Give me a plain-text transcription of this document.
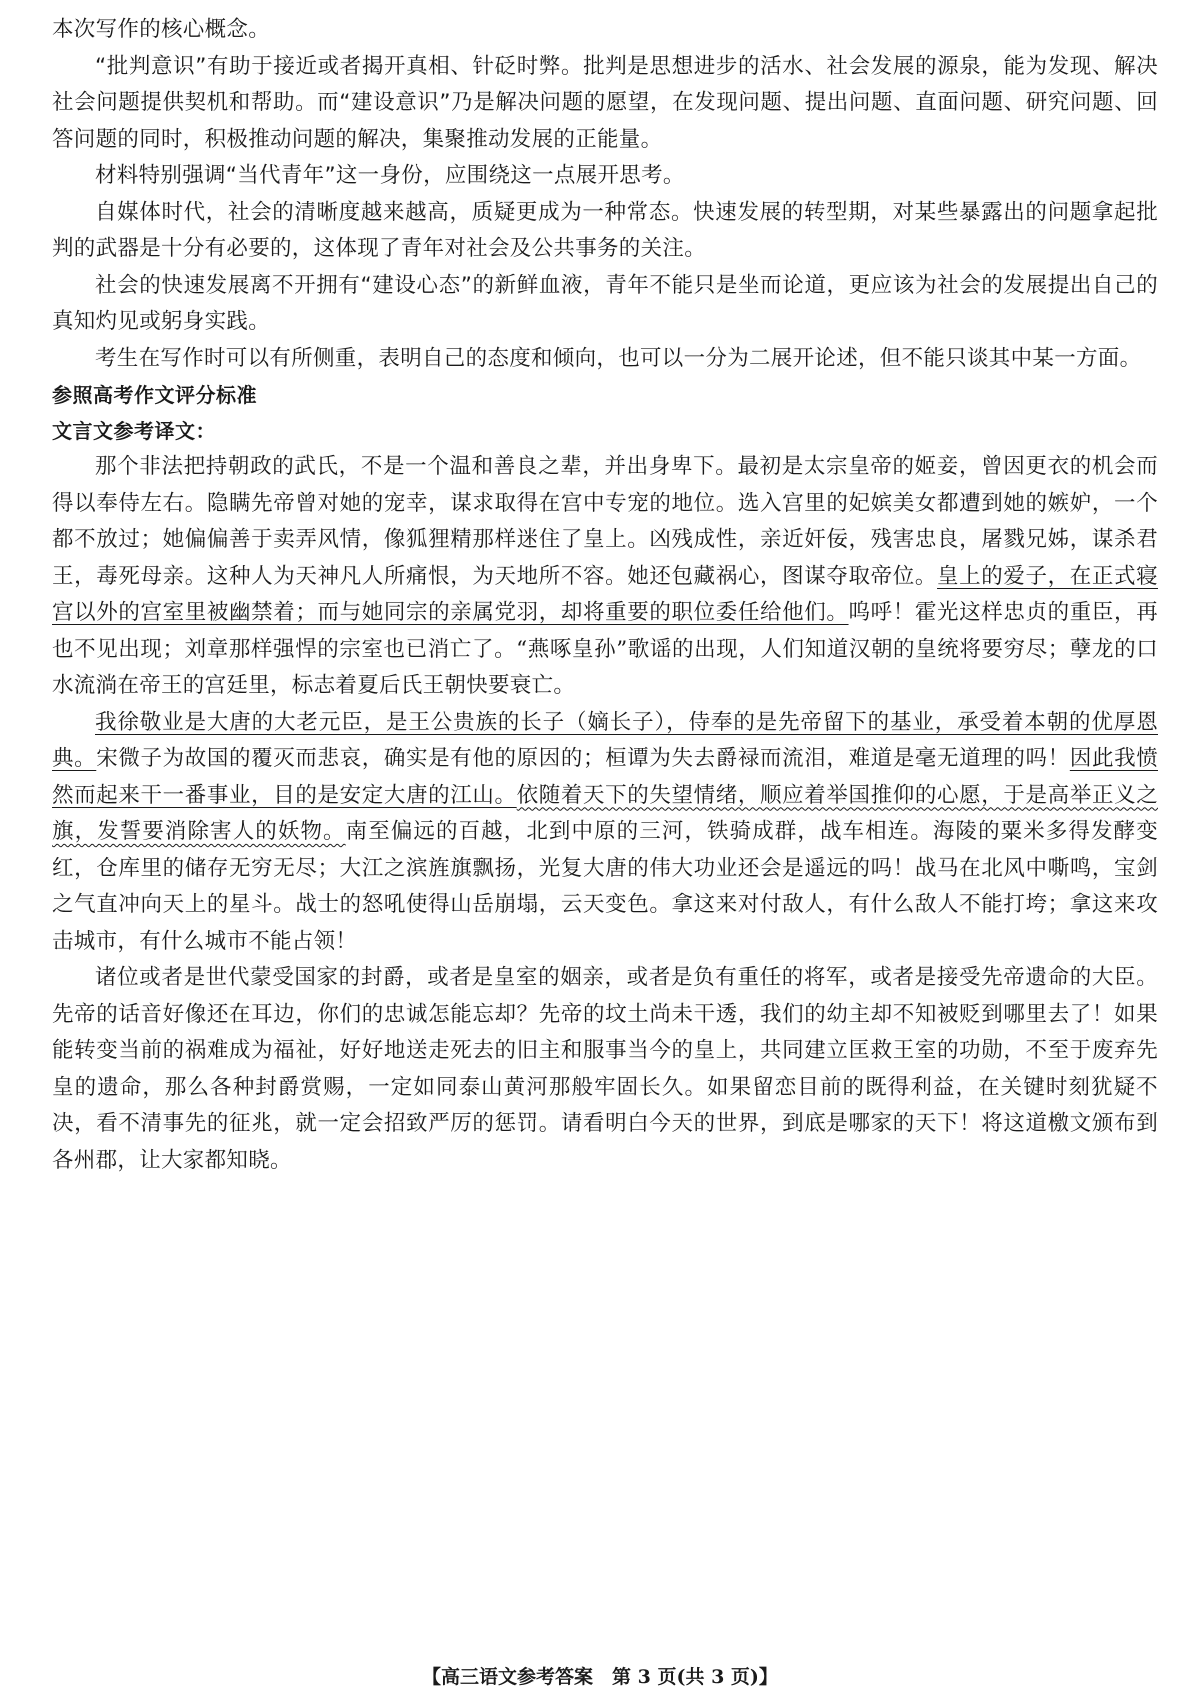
本次写作的核心概念。

“批判意识”有助于接近或者揭开真相、针砭时弊。批判是思想进步的活水、社会发展的源泉，能为发现、解决社会问题提供契机和帮助。而“建设意识”乃是解决问题的愿望，在发现问题、提出问题、直面问题、研究问题、回答问题的同时，积极推动问题的解决，集聚推动发展的正能量。

材料特别强调“当代青年”这一身份，应围绕这一点展开思考。

自媒体时代，社会的清晰度越来越高，质疑更成为一种常态。快速发展的转型期，对某些暴露出的问题拿起批判的武器是十分有必要的，这体现了青年对社会及公共事务的关注。

社会的快速发展离不开拥有“建设心态”的新鲜血液，青年不能只是坐而论道，更应该为社会的发展提出自己的真知灼见或躬身实践。

考生在写作时可以有所侧重，表明自己的态度和倾向，也可以一分为二展开论述，但不能只谈其中某一方面。

参照高考作文评分标准

文言文参考译文：

那个非法把持朝政的武氏，不是一个温和善良之辈，并出身卑下。最初是太宗皇帝的姬妾，曾因更衣的机会而得以奉侍左右。隐瞒先帝曾对她的宠幸，谋求取得在宫中专宠的地位。选入宫里的妃嫔美女都遭到她的嫉妒，一个都不放过；她偏偏善于卖弄风情，像狐狸精那样迷住了皇上。凶残成性，亲近奸佞，残害忠良，屠戮兄姊，谋杀君王，毒死母亲。这种人为天神凡人所痛恨，为天地所不容。她还包藏祸心，图谋夺取帝位。皇上的爱子，在正式寝宫以外的宫室里被幽禁着；而与她同宗的亲属党羽，却将重要的职位委任给他们。呜呼！霍光这样忠贞的重臣，再也不见出现；刘章那样强悍的宗室也已消亡了。“燕啄皇孙”歌谣的出现，人们知道汉朝的皇统将要穷尽；孽龙的口水流淌在帝王的宫廷里，标志着夏后氏王朝快要衰亡。

我徐敬业是大唐的大老元臣，是王公贵族的长子（嫡长子），侍奉的是先帝留下的基业，承受着本朝的优厚恩典。宋微子为故国的覆灭而悲哀，确实是有他的原因的；桓谭为失去爵禄而流泪，难道是毫无道理的吗！因此我愤然而起来干一番事业，目的是安定大唐的江山。依随着天下的失望情绪，顺应着举国推仰的心愿，于是高举正义之旗，发誓要消除害人的妖物。南至偏远的百越，北到中原的三河，铁骑成群，战车相连。海陵的粟米多得发酵变红，仓库里的储存无穷无尽；大江之滨旌旗飘扬，光复大唐的伟大功业还会是遥远的吗！战马在北风中嘶鸣，宝剑之气直冲向天上的星斗。战士的怒吼使得山岳崩塌，云天变色。拿这来对付敌人，有什么敌人不能打垮；拿这来攻击城市，有什么城市不能占领！

诸位或者是世代蒙受国家的封爵，或者是皇室的姻亲，或者是负有重任的将军，或者是接受先帝遗命的大臣。先帝的话音好像还在耳边，你们的忠诚怎能忘却？先帝的坟土尚未干透，我们的幼主却不知被贬到哪里去了！如果能转变当前的祸难成为福祉，好好地送走死去的旧主和服事当今的皇上，共同建立匡救王室的功勋，不至于废弃先皇的遗命，那么各种封爵赏赐，一定如同泰山黄河那般牢固长久。如果留恋目前的既得利益，在关键时刻犹疑不决，看不清事先的征兆，就一定会招致严厉的惩罚。请看明白今天的世界，到底是哪家的天下！将这道檄文颁布到各州郡，让大家都知晓。

【高三语文参考答案　第 3 页(共 3 页)】
